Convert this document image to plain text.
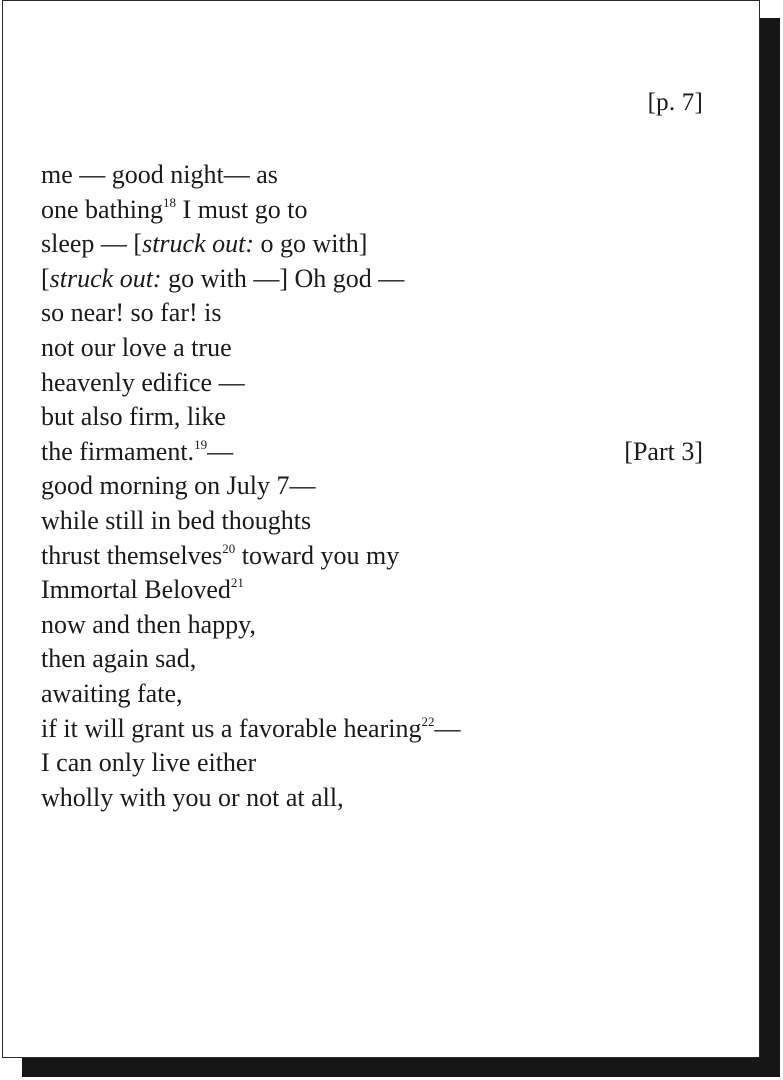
[p. 7]
me — good night— as
one bathing$^{18}$ I must go to
sleep — [struck out: o go with]
[struck out: go with —] Oh god —
so near! so far! is
not our love a true
heavenly edifice —
but also firm, like
the firmament.$^{19}$—	[Part 3]
good morning on July 7—
while still in bed thoughts
thrust themselves$^{20}$ toward you my
Immortal Beloved$^{21}$
now and then happy,
then again sad,
awaiting fate,
if it will grant us a favorable hearing$^{22}$—
I can only live either
wholly with you or not at all,
